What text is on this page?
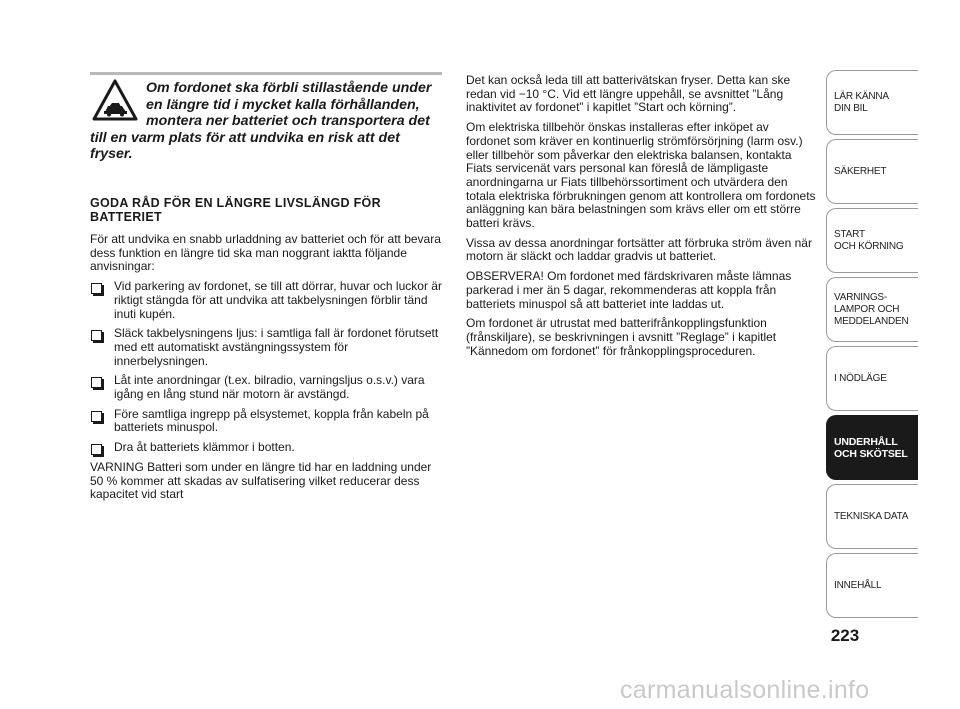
Om fordonet ska förbli stillastående under en längre tid i mycket kalla förhållanden, montera ner batteriet och transportera det till en varm plats för att undvika en risk att det fryser.
GODA RÅD FÖR EN LÄNGRE LIVSLÄNGD FÖR BATTERIET

För att undvika en snabb urladdning av batteriet och för att bevara dess funktion en längre tid ska man noggrant iaktta följande anvisningar:

Vid parkering av fordonet, se till att dörrar, huvar och luckor är riktigt stängda för att undvika att takbelysningen förblir tänd inuti kupén.
Släck takbelysningens ljus: i samtliga fall är fordonet förutsett med ett automatiskt avstängningssystem för innerbelysningen.
Låt inte anordningar (t.ex. bilradio, varningsljus o.s.v.) vara igång en lång stund när motorn är avstängd.
Före samtliga ingrepp på elsystemet, koppla från kabeln på batteriets minuspol.
Dra åt batteriets klämmor i botten.

VARNING Batteri som under en längre tid har en laddning under 50 % kommer att skadas av sulfatisering vilket reducerar dess kapacitet vid start

Det kan också leda till att batterivätskan fryser. Detta kan ske redan vid −10 °C. Vid ett längre uppehåll, se avsnittet ”Lång inaktivitet av fordonet” i kapitlet ”Start och körning”.

Om elektriska tillbehör önskas installeras efter inköpet av fordonet som kräver en kontinuerlig strömförsörjning (larm osv.) eller tillbehör som påverkar den elektriska balansen, kontakta Fiats servicenät vars personal kan föreslå de lämpligaste anordningarna ur Fiats tillbehörssortiment och utvärdera den totala elektriska förbrukningen genom att kontrollera om fordonets anläggning kan bära belastningen som krävs eller om ett större batteri krävs.

Vissa av dessa anordningar fortsätter att förbruka ström även när motorn är släckt och laddar gradvis ut batteriet.

OBSERVERA! Om fordonet med färdskrivaren måste lämnas parkerad i mer än 5 dagar, rekommenderas att koppla från batteriets minuspol så att batteriet inte laddas ut.

Om fordonet är utrustat med batterifrånkopplingsfunktion (frånskiljare), se beskrivningen i avsnitt ”Reglage” i kapitlet ”Kännedom om fordonet” för frånkopplingsproceduren.

LÄR KÄNNA
DIN BIL
SÄKERHET
START
OCH KÖRNING
VARNINGS-
LAMPOR OCH
MEDDELANDEN
I NÖDLÄGE
UNDERHÅLL
OCH SKÖTSEL
TEKNISKA DATA
INNEHÅLL
223
carmanualsonline.info
